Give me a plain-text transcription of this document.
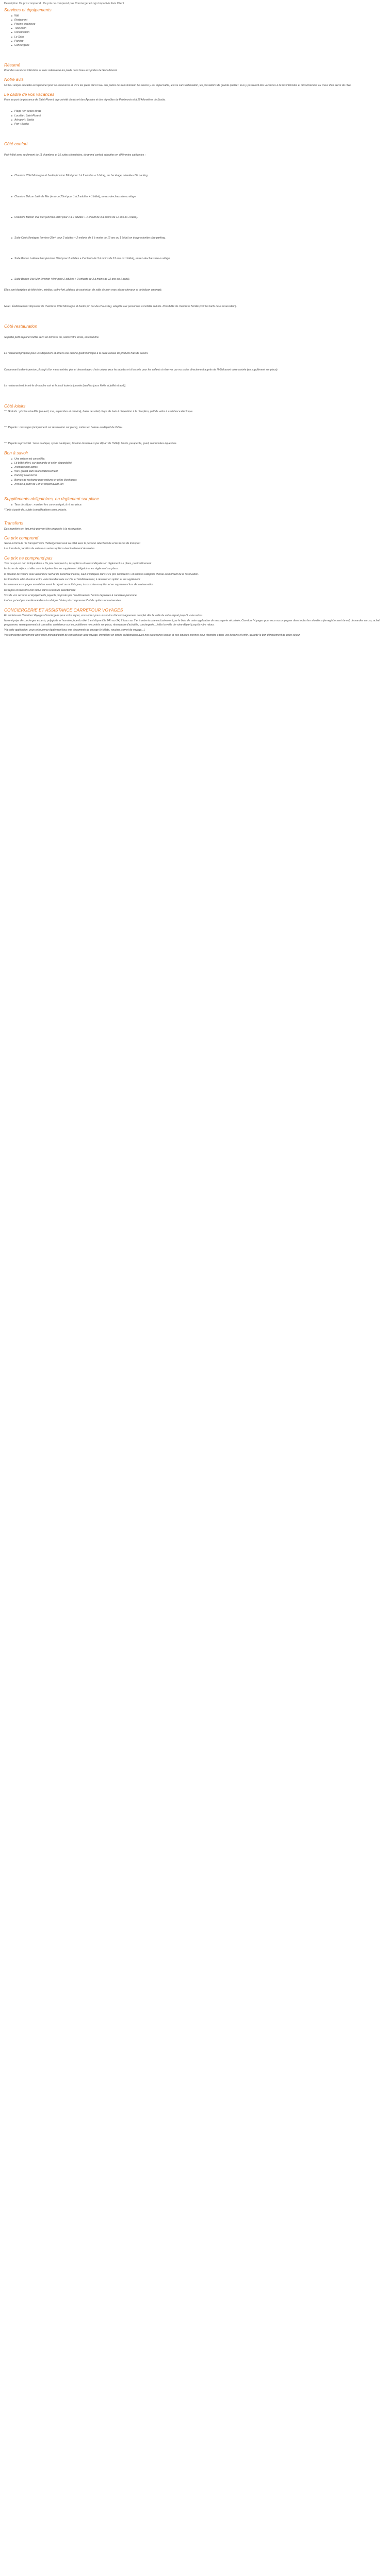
Description Ce prix comprend : Ce prix ne comprend pas Conciergerie Logo Impadivie Avis Client
Services et équipements
Wifi
Restaurant
Piscine extérieure
Télévision
Climatisation
Le Salut
Parking
Conciergerie
Résumé

Pour des vacances intimistes et sans ostentation les pieds dans l’eau aux portes de Saint-Florent

Notre avis

Un lieu unique au cadre exceptionnel pour se ressourcer et vivre les pieds dans l’eau aux portes de Saint-Florent. Le service y est impeccable, le luxe sans ostentation, les prestations de grande qualité : tous y passeront des vacances à la fois intimistes et décontractées au creux d’un décor de rêve.

Le cadre de vos vacances

Face au port de plaisance de Saint-Florent, à proximité du désert des Agriates et des vignobles de Patrimonio et à 28 kilomètres de Bastia.

Plage : en accès direct
Localité : Saint-Florent
Aéroport : Bastia
Port : Bastia
Côté confort

Petit hôtel avec seulement de 11 chambres et 15 suites climatisées, de grand confort, réparties en différentes catégories :

Chambre Côté Montagne et Jardin (environ 20m² pour 1 à 2 adultes + 1 bébé), au 1er étage, orientée côté parking.
Chambre Balcon Latérale Mer (environ 20m² pour 1 à 2 adultes + 1 bébé), en rez-de-chaussée ou étage.
Chambre Balcon Vue Mer (environ 20m² pour 1 à 2 adultes + 1 enfant de 3 à moins de 12 ans ou 1 bébé).
Suite Côté Montagne (environ 28m² pour 2 adultes + 2 enfants de 3 à moins de 12 ans ou 1 bébé) en étage orientée côté parking.
Suite Balcon Latérale Mer (environ 30m² pour 2 adultes + 2 enfants de 3 à moins de 12 ans ou 1 bébé), en rez-de-chaussée ou étage.
Suite Balcon Vue Mer (environ 40m² pour 2 adultes + 3 enfants de 3 à moins de 12 ans ou 1 bébé).

Elles sont équipées de télévision, minibar, coffre-fort, plateau de courtoisie, de salle de bain avec sèche-cheveux et de balcon ombragé.

Note : Établissement disposant de chambres Côté Montagne et Jardin (en rez-de-chaussée), adaptée aux personnes à mobilité réduite. Possibilité de chambres famille (voir les tarifs de la réservation).

Côté restauration

Superbe petit déjeuner buffet servi en terrasse ou, selon votre envie, en chambre.

Le restaurant propose pour vos déjeuners et dîners une cuisine gastronomique à la carte à base de produits frais de saison.

Concernant la demi-pension, il s’agit d’un menu entrée, plat et dessert avec choix unique pour les adultes et à la carte pour les enfants à réserver par vos soins directement auprès de l’hôtel avant votre arrivée (en supplément sur place).

Le restaurant est fermé le dimanche soir et le lundi toute la journée (sauf les jours fériés et juillet et août).

Côté loisirs

*** Gratuits : piscine chauffée (en avril, mai, septembre et octobre), bains de soleil, draps de bain à disposition à la réception, prêt de vélos à assistance électrique.

*** Payants : massages (uniquement sur réservation sur place), sorties en bateau au départ de l’hôtel.

*** Payants à proximité : base nautique, sports nautiques, location de bateaux (au départ de l’hôtel), tennis, parapente, quad, randonnées équestres.

Bon à savoir
Une voiture est conseillée.
Lit bébé offert, sur demande et selon disponibilité
Animaux non admis
WIFI gratuit dans tout l’établissement
Parking privé fermé
Bornes de recharge pour voitures et vélos électriques
Arrivée à partir de 15h et départ avant 11h
Suppléments obligatoires, en règlement sur place
Taxe de séjour : montant lors communiqué, à ré sur place.

*Tarifs à partir de, sujets à modifications sans préavis.

Transferts

Des transferts en taxi privé peuvent être proposés à la réservation.

Ce prix comprend

Selon la formule : le transport vers l’hébergement veut ou billet avec la pension sélectionnée et les taxes de transport

Les transferts, location de voiture ou autres options éventuellement réservées.

Ce prix ne comprend pas

Tout ce qui est non indiqué dans « Ce prix comprend », les options et taxes indiquées en règlement sur place, particulièrement

les taxes de séjour, si elles sont indiquées être en supplément obligatoires en règlement sur place.

la location de voiture avec assurance rachat de franchise incluse, sauf si indiquée dans « ce prix comprend » et selon la catégorie choisie au moment de la réservation.

les transferts aller et retour entre votre lieu d’arrivée sur l’île et l’établissement, à réserver en option et en supplément

les assurances voyages annulation avant le départ ou multirisques, à souscrire en option et en supplément lors de la réservation.

les repas et boissons non inclus dans la formule sélectionnée

Vos de vos services et équipements payants proposés par l’établissement hormis dépenses à caractère personnel

tout ce qui est pas mentionné dans la rubrique “Votre prix comprennent” et de options non réservées

CONCIERGERIE ET ASSISTANCE CARREFOUR VOYAGES

En choisissant Carrefour Voyages Conciergerie pour votre séjour, vous optez pour un service d’accompagnement complet dès la veille de votre départ jusqu’à votre retour.

Notre équipe de concierges experts, polyglotte et humaine joue du rôle! 1 est disponible 24h sur 24, 7 jours sur 7 et à votre écoute exclusivement par le biais de notre application de messagerie sécurisée, Carrefour Voyages pour vous accompagner dans toutes les situations (enregistrement de vol, demandes en cas, achat programme, renseignements à connaître, assistance sur les problèmes rencontrés sur place, réservation d’activités, conciergerie,...) dès la veille de votre départ jusqu’à votre retour.

Via cette application, vous retrouverez également tous vos documents de voyage (e-billets, voucher, carnet de voyage...).

Vos concierge deviennent ainsi votre principal point de contact tout votre voyage, travaillant en étroite collaboration avec nos partenaires locaux et nos équipes internes pour répondre à tous vos besoins et enfin, garantir le bon déroulement de votre séjour.
